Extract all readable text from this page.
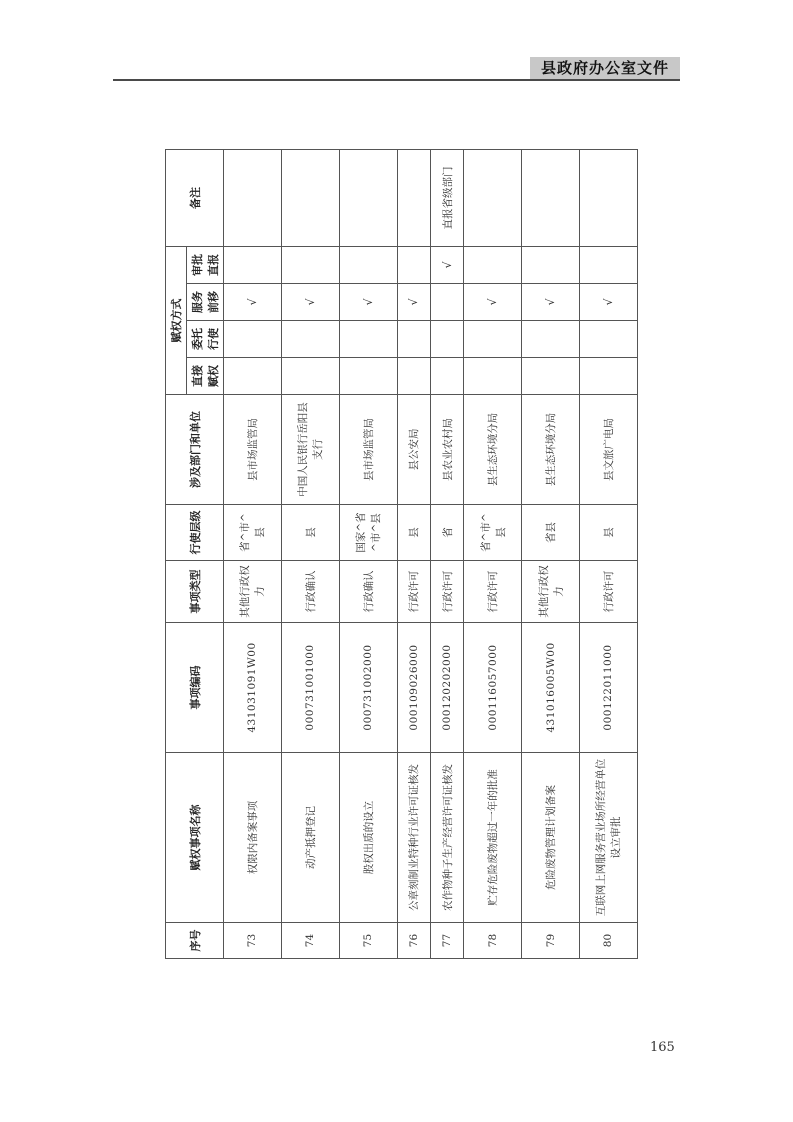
县政府办公室文件
序号	赋权事项名称	事项编码	事项类型	行使层级	涉及部门和单位	赋权方式				备注
						直接赋权	委托行使	服务前移	审批直报	
73	权限内备案事项	431031091W00	其他行政权力	省^市^县	县市场监管局			√		
74	动产抵押登记	000731001000	行政确认	县	中国人民银行岳阳县支行			√		
75	股权出质的设立	000731002000	行政确认	国家^省^市^县	县市场监管局			√		
76	公章刻制业特种行业许可证核发	000109026000	行政许可	县	县公安局			√		
77	农作物种子生产经营许可证核发	000120202000	行政许可	省	县农业农村局				√	直报省级部门
78	贮存危险废物超过一年的批准	000116057000	行政许可	省^市^县	县生态环境分局			√		
79	危险废物管理计划备案	431016005W00	其他行政权力	省县	县生态环境分局			√		
80	互联网上网服务营业场所经营单位设立审批	000122011000	行政许可	县	县文旅广电局			√		
165
